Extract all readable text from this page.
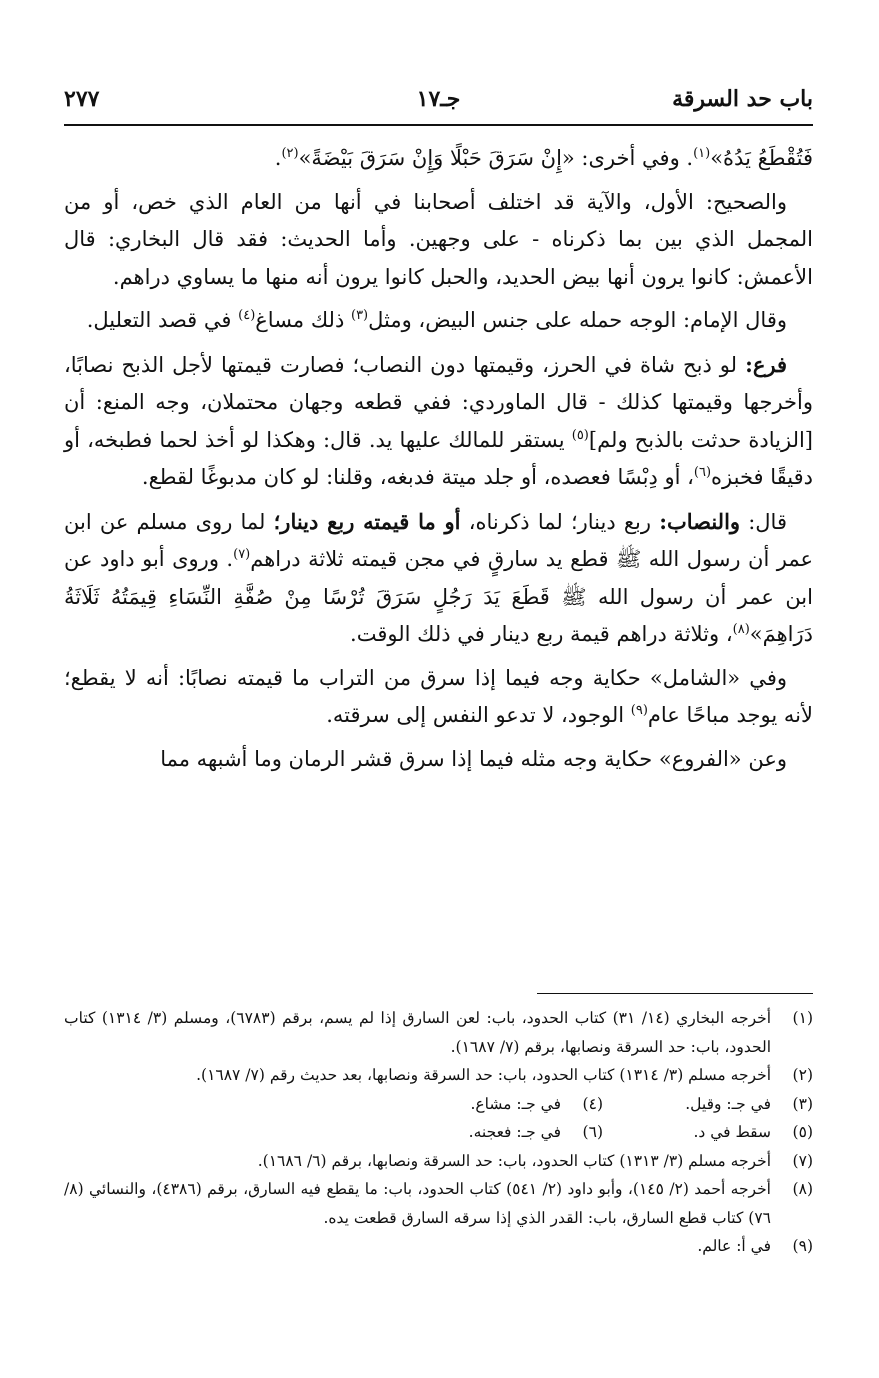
باب حد السرقة
جـ١٧
٢٧٧

فَتُقْطَعُ يَدُهُ»$^{(١)}$. وفي أخرى: «إِنْ سَرَقَ حَبْلًا وَإِنْ سَرَقَ بَيْضَةً»$^{(٢)}$.

والصحيح: الأول، والآية قد اختلف أصحابنا في أنها من العام الذي خص، أو من المجمل الذي بين بما ذكرناه - على وجهين. وأما الحديث: فقد قال البخاري: قال الأعمش: كانوا يرون أنها بيض الحديد، والحبل كانوا يرون أنه منها ما يساوي دراهم.

وقال الإمام: الوجه حمله على جنس البيض، ومثل$^{(٣)}$ ذلك مساغ$^{(٤)}$ في قصد التعليل.

فرع: لو ذبح شاة في الحرز، وقيمتها دون النصاب؛ فصارت قيمتها لأجل الذبح نصابًا، وأخرجها وقيمتها كذلك - قال الماوردي: ففي قطعه وجهان محتملان، وجه المنع: أن [الزيادة حدثت بالذبح ولم]$^{(٥)}$ يستقر للمالك عليها يد. قال: وهكذا لو أخذ لحما فطبخه، أو دقيقًا فخبزه$^{(٦)}$، أو دِبْسًا فعصده، أو جلد ميتة فدبغه، وقلنا: لو كان مدبوغًا لقطع.

قال: والنصاب: ربع دينار؛ لما ذكرناه، أو ما قيمته ربع دينار؛ لما روى مسلم عن ابن عمر أن رسول الله ﷺ قطع يد سارقٍ في مجن قيمته ثلاثة دراهم$^{(٧)}$. وروى أبو داود عن ابن عمر أن رسول الله ﷺ قَطَعَ يَدَ رَجُلٍ سَرَقَ تُرْسًا مِنْ صُفَّةِ النِّسَاءِ قِيمَتُهُ ثَلَاثَةُ دَرَاهِمَ»$^{(٨)}$، وثلاثة دراهم قيمة ربع دينار في ذلك الوقت.

وفي «الشامل» حكاية وجه فيما إذا سرق من التراب ما قيمته نصابًا: أنه لا يقطع؛ لأنه يوجد مباحًا عام$^{(٩)}$ الوجود، لا تدعو النفس إلى سرقته.

وعن «الفروع» حكاية وجه مثله فيما إذا سرق قشر الرمان وما أشبهه مما

(١)
أخرجه البخاري (١٤/ ٣١) كتاب الحدود، باب: لعن السارق إذا لم يسم، برقم (٦٧٨٣)، ومسلم (٣/ ١٣١٤) كتاب الحدود، باب: حد السرقة ونصابها، برقم (٧/ ١٦٨٧).
(٢)
أخرجه مسلم (٣/ ١٣١٤) كتاب الحدود، باب: حد السرقة ونصابها، بعد حديث رقم (٧/ ١٦٨٧).
(٣)
في جـ: وقيل.
(٤)
في جـ: مشاع.
(٥)
سقط في د.
(٦)
في جـ: فعجنه.
(٧)
أخرجه مسلم (٣/ ١٣١٣) كتاب الحدود، باب: حد السرقة ونصابها، برقم (٦/ ١٦٨٦).
(٨)
أخرجه أحمد (٢/ ١٤٥)، وأبو داود (٢/ ٥٤١) كتاب الحدود، باب: ما يقطع فيه السارق، برقم (٤٣٨٦)، والنسائي (٨/ ٧٦) كتاب قطع السارق، باب: القدر الذي إذا سرقه السارق قطعت يده.
(٩)
في أ: عالم.
